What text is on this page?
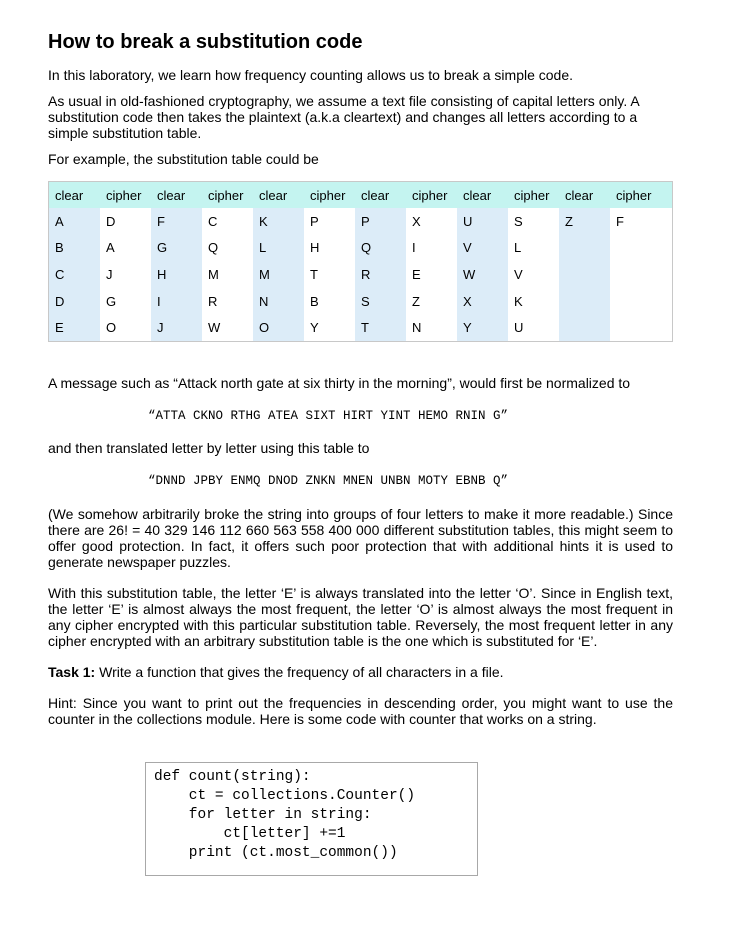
How to break a substitution code

In this laboratory, we learn how frequency counting allows us to break a simple code.

As usual in old-fashioned cryptography, we assume a text file consisting of capital letters only. A substitution code then takes the plaintext (a.k.a cleartext) and changes all letters according to a simple substitution table.

For example, the substitution table could be

clear	cipher	clear	cipher	clear	cipher	clear	cipher	clear	cipher	clear	cipher
A	D	F	C	K	P	P	X	U	S	Z	F
B	A	G	Q	L	H	Q	I	V	L		
C	J	H	M	M	T	R	E	W	V		
D	G	I	R	N	B	S	Z	X	K		
E	O	J	W	O	Y	T	N	Y	U		

A message such as “Attack north gate at six thirty in the morning”, would first be normalized to

“ATTA CKNO RTHG ATEA SIXT HIRT YINT HEMO RNIN G”

and then translated letter by letter using this table to

“DNND JPBY ENMQ DNOD ZNKN MNEN UNBN MOTY EBNB Q”

(We somehow arbitrarily broke the string into groups of four letters to make it more readable.) Since there are 26! = 40 329 146 112 660 563 558 400 000 different substitution tables, this might seem to offer good protection. In fact, it offers such poor protection that with additional hints it is used to generate newspaper puzzles.

With this substitution table, the letter ‘E’ is always translated into the letter ‘O’. Since in English text, the letter ‘E’ is almost always the most frequent, the letter ‘O’ is almost always the most frequent in any cipher encrypted with this particular substitution table. Reversely, the most frequent letter in any cipher encrypted with an arbitrary substitution table is the one which is substituted for ‘E’.

Task 1: Write a function that gives the frequency of all characters in a file.

Hint: Since you want to print out the frequencies in descending order, you might want to use the counter in the collections module. Here is some code with counter that works on a string.

def count(string):
ct = collections.Counter()
for letter in string:
ct[letter] +=1
print (ct.most_common())
